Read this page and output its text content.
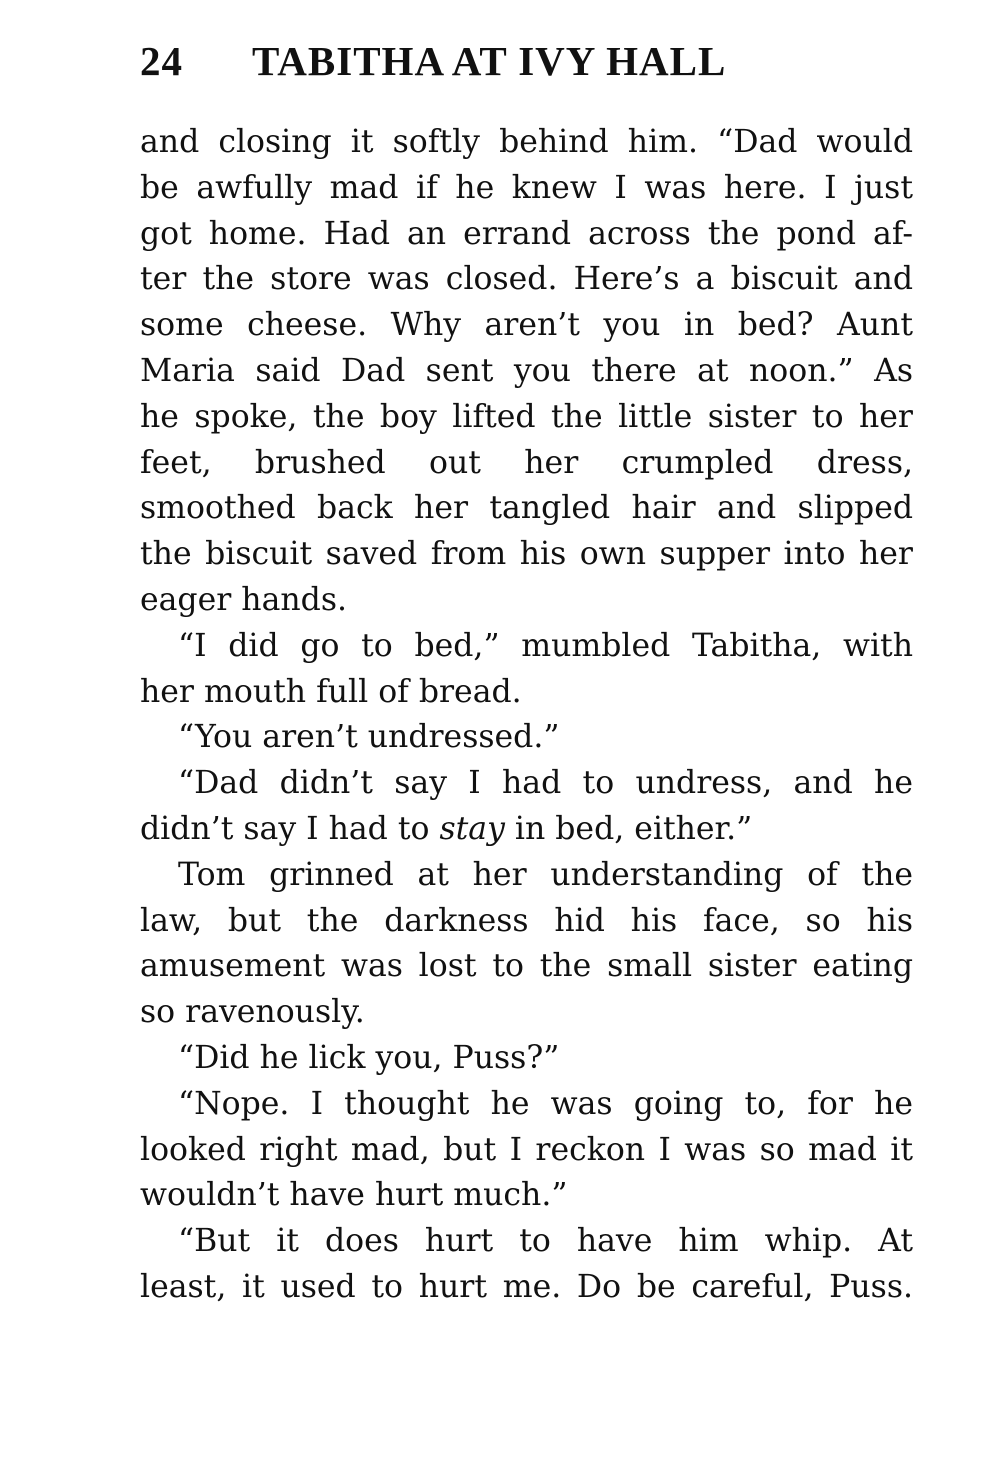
24 TABITHA AT IVY HALL
and closing it softly behind him. “Dad would
be awfully mad if he knew I was here. I just
got home. Had an errand across the pond af-
ter the store was closed. Here’s a biscuit and
some cheese. Why aren’t you in bed? Aunt
Maria said Dad sent you there at noon.” As
he spoke, the boy lifted the little sister to her
feet, brushed out her crumpled dress,
smoothed back her tangled hair and slipped
the biscuit saved from his own supper into her
eager hands.
“I did go to bed,” mumbled Tabitha, with
her mouth full of bread.
“You aren’t undressed.”
“Dad didn’t say I had to undress, and he
didn’t say I had to stay in bed, either.”
Tom grinned at her understanding of the
law, but the darkness hid his face, so his
amusement was lost to the small sister eating
so ravenously.
“Did he lick you, Puss?”
“Nope. I thought he was going to, for he
looked right mad, but I reckon I was so mad it
wouldn’t have hurt much.”
“But it does hurt to have him whip. At
least, it used to hurt me. Do be careful, Puss.
